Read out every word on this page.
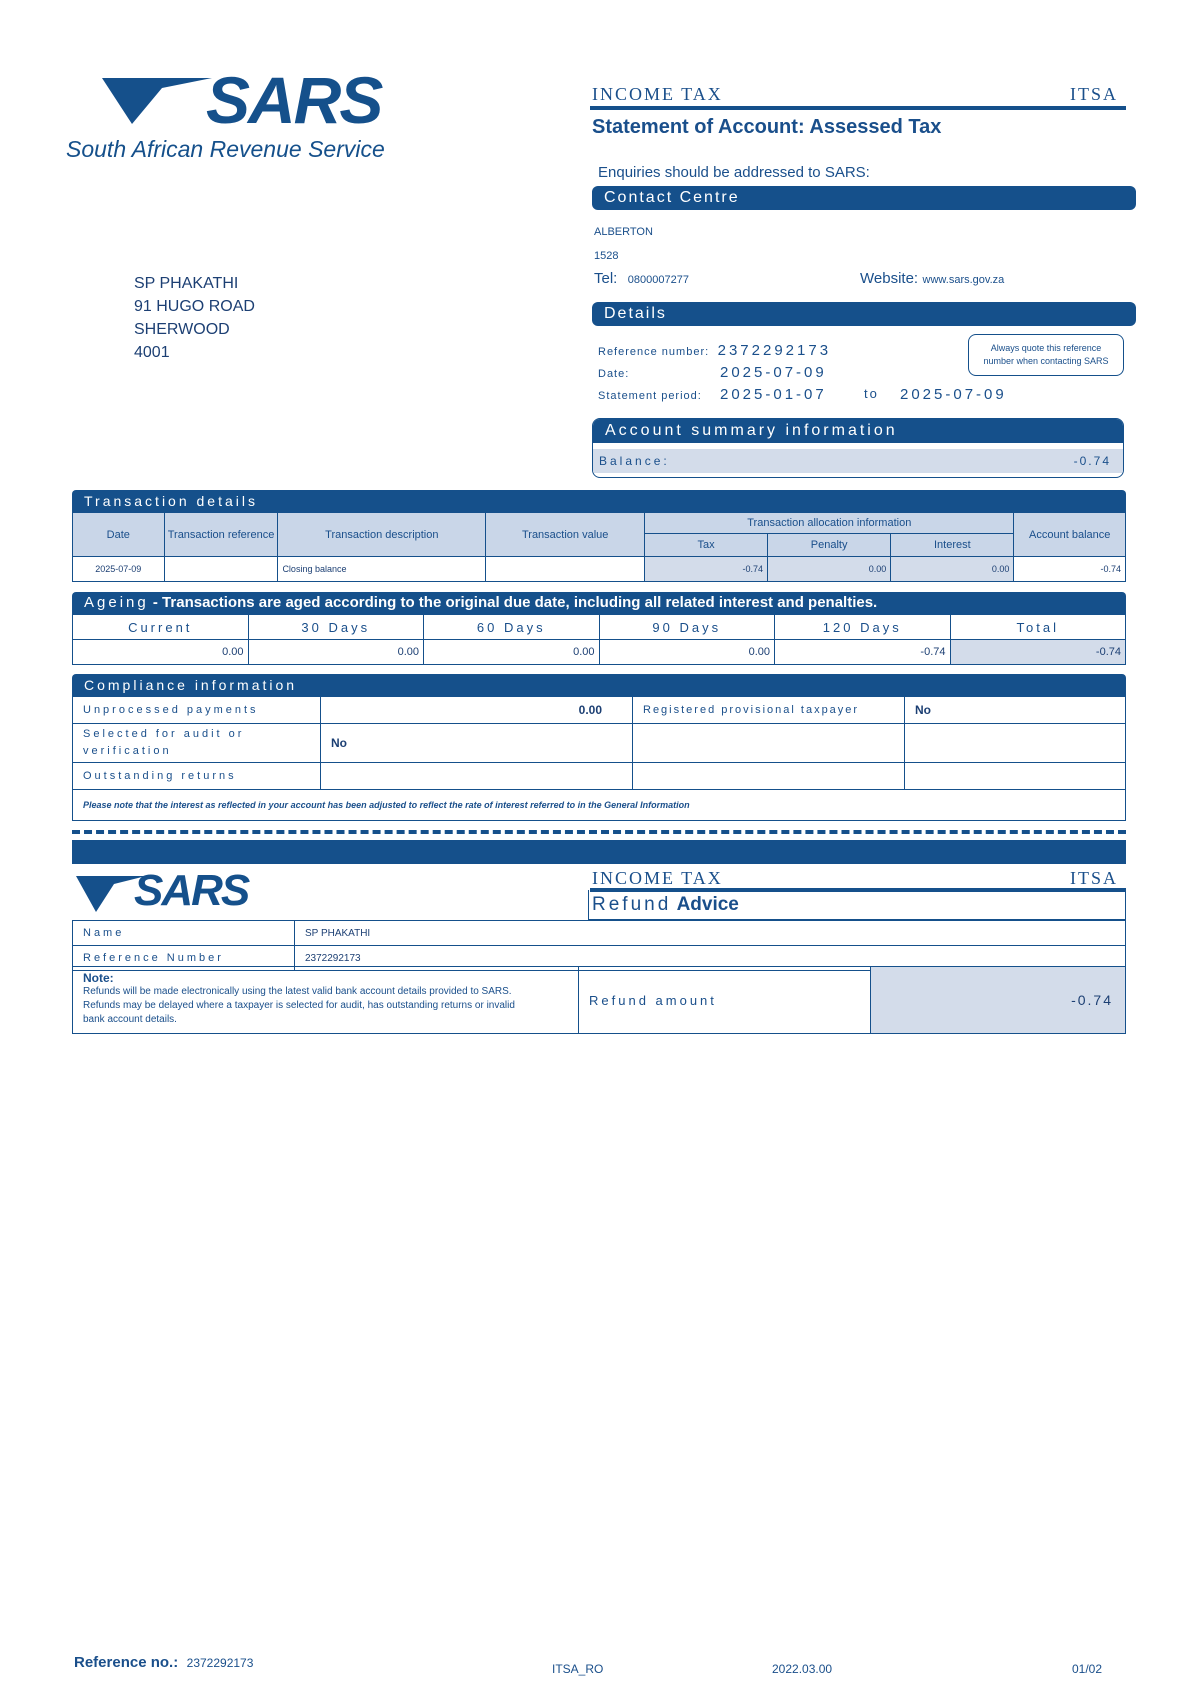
SARS
South African Revenue Service
INCOME TAX	ITSA
Statement of Account: Assessed Tax
Enquiries should be addressed to SARS:
Contact Centre
ALBERTON
1528
Tel: 0800007277	Website: www.sars.gov.za
SP PHAKATHI
91 HUGO ROAD
SHERWOOD
4001
Details
Reference number: 2372292173
Date:	2025-07-09
Statement period: 2025-01-07	to 2025-07-09
Always quote this reference
number when contacting SARS
Account summary information
Balance:	-0.74
Transaction details
Date	Transaction reference	Transaction description	Transaction value	Transaction allocation information			Account balance
				Tax	Penalty	Interest	
2025-07-09		Closing balance		-0.74	0.00	0.00	-0.74
Ageing - Transactions are aged according to the original due date, including all related interest and penalties.
Current	30 Days	60 Days	90 Days	120 Days	Total
0.00	0.00	0.00	0.00	-0.74	-0.74
Compliance information
Unprocessed payments	0.00	Registered provisional taxpayer	No
Selected for audit or verification	No		
Outstanding returns			
Please note that the interest as reflected in your account has been adjusted to reflect the rate of interest referred to in the General Information			
SARS	INCOME TAX	ITSA
Refund Advice
Name	SP PHAKATHI
Reference Number	2372292173
Note:
Refunds will be made electronically using the latest valid bank account details provided to SARS. Refunds may be delayed where a taxpayer is selected for audit, has outstanding returns or invalid bank account details.
	Refund amount	-0.74
Reference no.: 2372292173	ITSA_RO	2022.03.00	01/02
